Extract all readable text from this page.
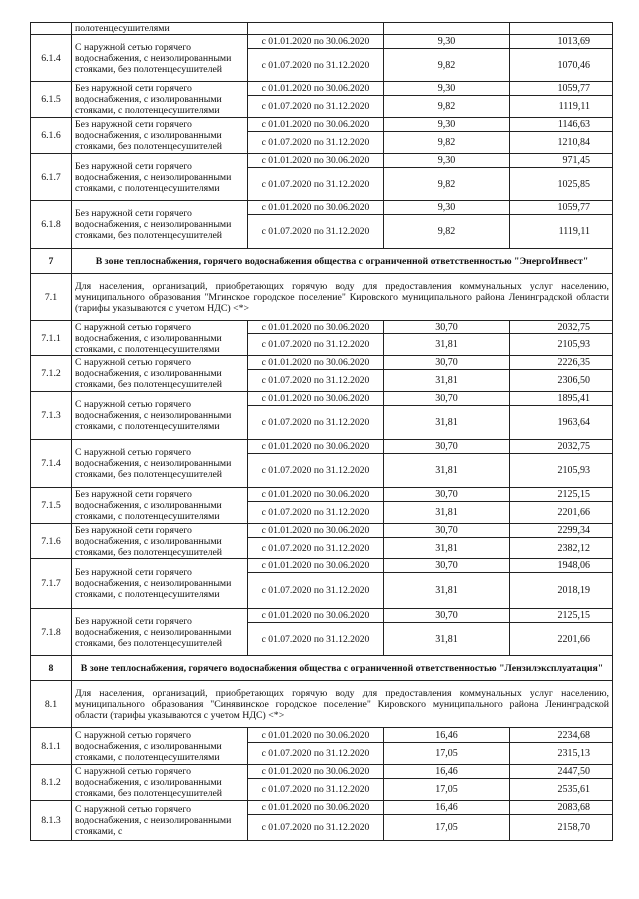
	полотенцесушителями			
6.1.4	С наружной сетью горячего водоснабжения, с неизолированными стояками, без полотенцесушителей	с 01.01.2020 по 30.06.2020	9,30	1013,69
		с 01.07.2020 по 31.12.2020	9,82	1070,46
6.1.5	Без наружной сети горячего водоснабжения, с изолированными стояками, с полотенцесушителями	с 01.01.2020 по 30.06.2020	9,30	1059,77
		с 01.07.2020 по 31.12.2020	9,82	1119,11
6.1.6	Без наружной сети горячего водоснабжения, с изолированными стояками, без полотенцесушителей	с 01.01.2020 по 30.06.2020	9,30	1146,63
		с 01.07.2020 по 31.12.2020	9,82	1210,84
6.1.7	Без наружной сети горячего водоснабжения, с неизолированными стояками, с полотенцесушителями	с 01.01.2020 по 30.06.2020	9,30	971,45
		с 01.07.2020 по 31.12.2020	9,82	1025,85
6.1.8	Без наружной сети горячего водоснабжения, с неизолированными стояками, без полотенцесушителей	с 01.01.2020 по 30.06.2020	9,30	1059,77
		с 01.07.2020 по 31.12.2020	9,82	1119,11
7	В зоне теплоснабжения, горячего водоснабжения общества с ограниченной ответственностью "ЭнергоИнвест"			
7.1	Для населения, организаций, приобретающих горячую воду для предоставления коммунальных услуг населению, муниципального образования "Мгинское городское поселение" Кировского муниципального района Ленинградской области (тарифы указываются с учетом НДС) <*>			
7.1.1	С наружной сетью горячего водоснабжения, с изолированными стояками, с полотенцесушителями	с 01.01.2020 по 30.06.2020	30,70	2032,75
		с 01.07.2020 по 31.12.2020	31,81	2105,93
7.1.2	С наружной сетью горячего водоснабжения, с изолированными стояками, без полотенцесушителей	с 01.01.2020 по 30.06.2020	30,70	2226,35
		с 01.07.2020 по 31.12.2020	31,81	2306,50
7.1.3	С наружной сетью горячего водоснабжения, с неизолированными стояками, с полотенцесушителями	с 01.01.2020 по 30.06.2020	30,70	1895,41
		с 01.07.2020 по 31.12.2020	31,81	1963,64
7.1.4	С наружной сетью горячего водоснабжения, с неизолированными стояками, без полотенцесушителей	с 01.01.2020 по 30.06.2020	30,70	2032,75
		с 01.07.2020 по 31.12.2020	31,81	2105,93
7.1.5	Без наружной сети горячего водоснабжения, с изолированными стояками, с полотенцесушителями	с 01.01.2020 по 30.06.2020	30,70	2125,15
		с 01.07.2020 по 31.12.2020	31,81	2201,66
7.1.6	Без наружной сети горячего водоснабжения, с изолированными стояками, без полотенцесушителей	с 01.01.2020 по 30.06.2020	30,70	2299,34
		с 01.07.2020 по 31.12.2020	31,81	2382,12
7.1.7	Без наружной сети горячего водоснабжения, с неизолированными стояками, с полотенцесушителями	с 01.01.2020 по 30.06.2020	30,70	1948,06
		с 01.07.2020 по 31.12.2020	31,81	2018,19
7.1.8	Без наружной сети горячего водоснабжения, с неизолированными стояками, без полотенцесушителей	с 01.01.2020 по 30.06.2020	30,70	2125,15
		с 01.07.2020 по 31.12.2020	31,81	2201,66
8	В зоне теплоснабжения, горячего водоснабжения общества с ограниченной ответственностью "Лензилэксплуатация"			
8.1	Для населения, организаций, приобретающих горячую воду для предоставления коммунальных услуг населению, муниципального образования "Синявинское городское поселение" Кировского муниципального района Ленинградской области (тарифы указываются с учетом НДС) <*>			
8.1.1	С наружной сетью горячего водоснабжения, с изолированными стояками, с полотенцесушителями	с 01.01.2020 по 30.06.2020	16,46	2234,68
		с 01.07.2020 по 31.12.2020	17,05	2315,13
8.1.2	С наружной сетью горячего водоснабжения, с изолированными стояками, без полотенцесушителей	с 01.01.2020 по 30.06.2020	16,46	2447,50
		с 01.07.2020 по 31.12.2020	17,05	2535,61
8.1.3	С наружной сетью горячего водоснабжения, с неизолированными стояками, с	с 01.01.2020 по 30.06.2020	16,46	2083,68
		с 01.07.2020 по 31.12.2020	17,05	2158,70
